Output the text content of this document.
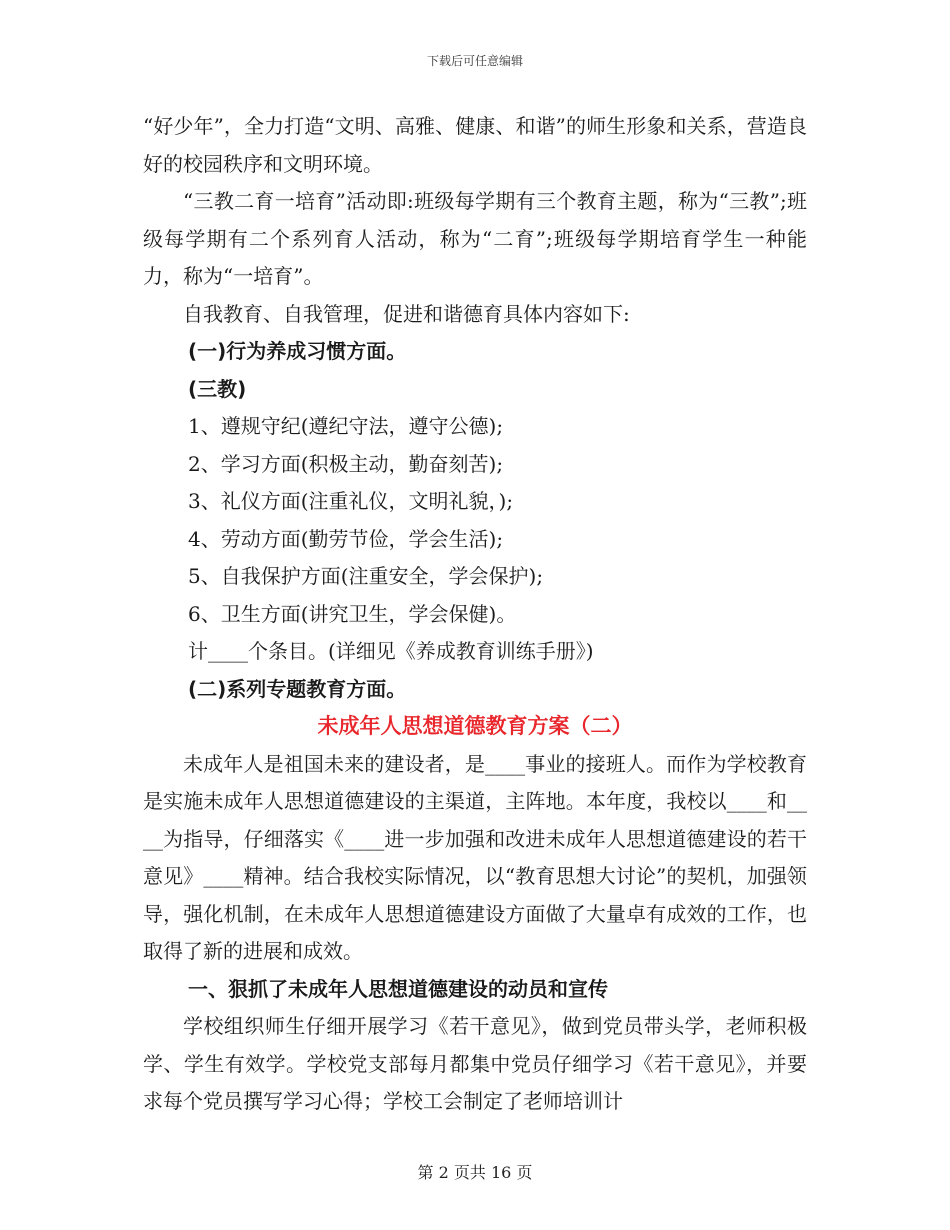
下载后可任意编辑

“好少年”，全力打造“文明、高雅、健康、和谐”的师生形象和关系，营造良好的校园秩序和文明环境。

“三教二育一培育”活动即:班级每学期有三个教育主题，称为“三教”;班级每学期有二个系列育人活动，称为“二育”;班级每学期培育学生一种能力，称为“一培育”。

自我教育、自我管理，促进和谐德育具体内容如下:

(一)行为养成习惯方面。

(三教)

1、遵规守纪(遵纪守法，遵守公德);

2、学习方面(积极主动，勤奋刻苦);

3、礼仪方面(注重礼仪，文明礼貌，);

4、劳动方面(勤劳节俭，学会生活);

5、自我保护方面(注重安全，学会保护);

6、卫生方面(讲究卫生，学会保健)。

计____个条目。(详细见《养成教育训练手册》)

(二)系列专题教育方面。

未成年人思想道德教育方案（二）

未成年人是祖国未来的建设者，是____事业的接班人。而作为学校教育是实施未成年人思想道德建设的主渠道，主阵地。本年度，我校以____和____为指导，仔细落实《____进一步加强和改进未成年人思想道德建设的若干意见》____精神。结合我校实际情况，以“教育思想大讨论”的契机，加强领导，强化机制，在未成年人思想道德建设方面做了大量卓有成效的工作，也取得了新的进展和成效。

一、狠抓了未成年人思想道德建设的动员和宣传

学校组织师生仔细开展学习《若干意见》，做到党员带头学，老师积极学、学生有效学。学校党支部每月都集中党员仔细学习《若干意见》，并要求每个党员撰写学习心得；学校工会制定了老师培训计

第 2 页共 16 页
